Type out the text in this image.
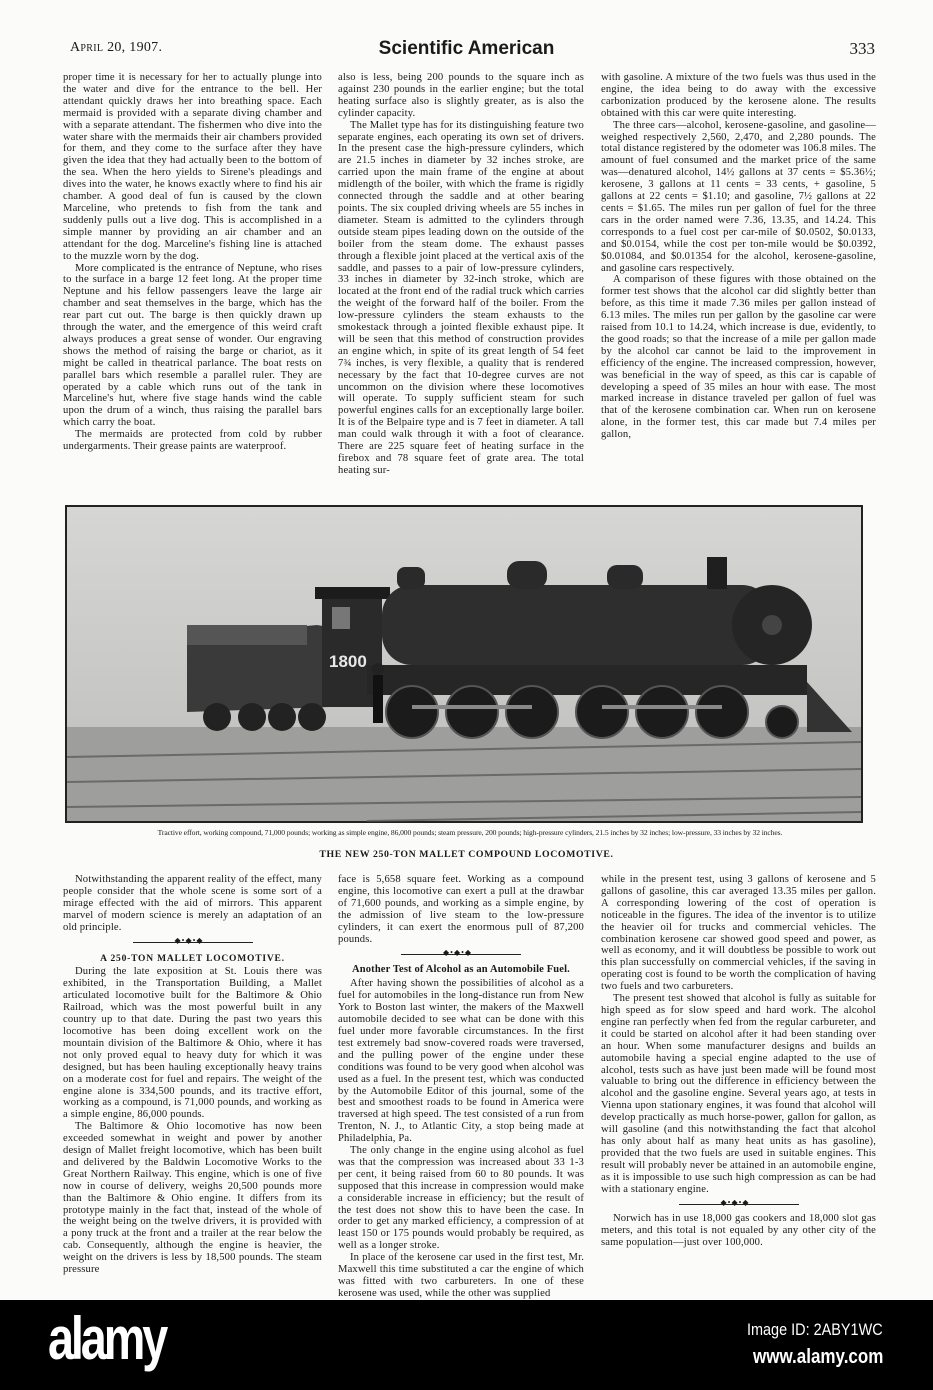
April 20, 1907.	Scientific American	333

proper time it is necessary for her to actually plunge into the water and dive for the entrance to the bell. Her attendant quickly draws her into breathing space. Each mermaid is provided with a separate diving chamber and with a separate attendant. The fishermen who dive into the water share with the mermaids their air chambers provided for them, and they come to the surface after they have given the idea that they had actually been to the bottom of the sea. When the hero yields to Sirene's pleadings and dives into the water, he knows exactly where to find his air chamber. A good deal of fun is caused by the clown Marceline, who pretends to fish from the tank and suddenly pulls out a live dog. This is accomplished in a simple manner by providing an air chamber and an attendant for the dog. Marceline's fishing line is attached to the muzzle worn by the dog.

More complicated is the entrance of Neptune, who rises to the surface in a barge 12 feet long. At the proper time Neptune and his fellow passengers leave the large air chamber and seat themselves in the barge, which has the rear part cut out. The barge is then quickly drawn up through the water, and the emergence of this weird craft always produces a great sense of wonder. Our engraving shows the method of raising the barge or chariot, as it might be called in theatrical parlance. The boat rests on parallel bars which resemble a parallel ruler. They are operated by a cable which runs out of the tank in Marceline's hut, where five stage hands wind the cable upon the drum of a winch, thus raising the parallel bars which carry the boat.

The mermaids are protected from cold by rubber undergarments. Their grease paints are waterproof.

also is less, being 200 pounds to the square inch as against 230 pounds in the earlier engine; but the total heating surface also is slightly greater, as is also the cylinder capacity.

The Mallet type has for its distinguishing feature two separate engines, each operating its own set of drivers. In the present case the high-pressure cylinders, which are 21.5 inches in diameter by 32 inches stroke, are carried upon the main frame of the engine at about midlength of the boiler, with which the frame is rigidly connected through the saddle and at other bearing points. The six coupled driving wheels are 55 inches in diameter. Steam is admitted to the cylinders through outside steam pipes leading down on the outside of the boiler from the steam dome. The exhaust passes through a flexible joint placed at the vertical axis of the saddle, and passes to a pair of low-pressure cylinders, 33 inches in diameter by 32-inch stroke, which are located at the front end of the radial truck which carries the weight of the forward half of the boiler. From the low-pressure cylinders the steam exhausts to the smokestack through a jointed flexible exhaust pipe. It will be seen that this method of construction provides an engine which, in spite of its great length of 54 feet 7¾ inches, is very flexible, a quality that is rendered necessary by the fact that 10-degree curves are not uncommon on the division where these locomotives will operate. To supply sufficient steam for such powerful engines calls for an exceptionally large boiler. It is of the Belpaire type and is 7 feet in diameter. A tall man could walk through it with a foot of clearance. There are 225 square feet of heating surface in the firebox and 78 square feet of grate area. The total heating sur-

with gasoline. A mixture of the two fuels was thus used in the engine, the idea being to do away with the excessive carbonization produced by the kerosene alone. The results obtained with this car were quite interesting.

The three cars—alcohol, kerosene-gasoline, and gasoline—weighed respectively 2,560, 2,470, and 2,280 pounds. The total distance registered by the odometer was 106.8 miles. The amount of fuel consumed and the market price of the same was—denatured alcohol, 14½ gallons at 37 cents = $5.36½; kerosene, 3 gallons at 11 cents = 33 cents, + gasoline, 5 gallons at 22 cents = $1.10; and gasoline, 7½ gallons at 22 cents = $1.65. The miles run per gallon of fuel for the three cars in the order named were 7.36, 13.35, and 14.24. This corresponds to a fuel cost per car-mile of $0.0502, $0.0133, and $0.0154, while the cost per ton-mile would be $0.0392, $0.01084, and $0.01354 for the alcohol, kerosene-gasoline, and gasoline cars respectively.

A comparison of these figures with those obtained on the former test shows that the alcohol car did slightly better than before, as this time it made 7.36 miles per gallon instead of 6.13 miles. The miles run per gallon by the gasoline car were raised from 10.1 to 14.24, which increase is due, evidently, to the good roads; so that the increase of a mile per gallon made by the alcohol car cannot be laid to the improvement in efficiency of the engine. The increased compression, however, was beneficial in the way of speed, as this car is capable of developing a speed of 35 miles an hour with ease. The most marked increase in distance traveled per gallon of fuel was that of the kerosene combination car. When run on kerosene alone, in the former test, this car made but 7.4 miles per gallon,

1800
Tractive effort, working compound, 71,000 pounds; working as simple engine, 86,000 pounds; steam pressure, 200 pounds; high-pressure cylinders, 21.5 inches by 32 inches; low-pressure, 33 inches by 32 inches.
THE NEW 250-TON MALLET COMPOUND LOCOMOTIVE.

Notwithstanding the apparent reality of the effect, many people consider that the whole scene is some sort of a mirage effected with the aid of mirrors. This apparent marvel of modern science is merely an adaptation of an old principle.

◆•◆•◆
A 250-TON MALLET LOCOMOTIVE.

During the late exposition at St. Louis there was exhibited, in the Transportation Building, a Mallet articulated locomotive built for the Baltimore & Ohio Railroad, which was the most powerful built in any country up to that date. During the past two years this locomotive has been doing excellent work on the mountain division of the Baltimore & Ohio, where it has not only proved equal to heavy duty for which it was designed, but has been hauling exceptionally heavy trains on a moderate cost for fuel and repairs. The weight of the engine alone is 334,500 pounds, and its tractive effort, working as a compound, is 71,000 pounds, and working as a simple engine, 86,000 pounds.

The Baltimore & Ohio locomotive has now been exceeded somewhat in weight and power by another design of Mallet freight locomotive, which has been built and delivered by the Baldwin Locomotive Works to the Great Northern Railway. This engine, which is one of five now in course of delivery, weighs 20,500 pounds more than the Baltimore & Ohio engine. It differs from its prototype mainly in the fact that, instead of the whole of the weight being on the twelve drivers, it is provided with a pony truck at the front and a trailer at the rear below the cab. Consequently, although the engine is heavier, the weight on the drivers is less by 18,500 pounds. The steam pressure

face is 5,658 square feet. Working as a compound engine, this locomotive can exert a pull at the drawbar of 71,600 pounds, and working as a simple engine, by the admission of live steam to the low-pressure cylinders, it can exert the enormous pull of 87,200 pounds.

◆•◆•◆
Another Test of Alcohol as an Automobile Fuel.

After having shown the possibilities of alcohol as a fuel for automobiles in the long-distance run from New York to Boston last winter, the makers of the Maxwell automobile decided to see what can be done with this fuel under more favorable circumstances. In the first test extremely bad snow-covered roads were traversed, and the pulling power of the engine under these conditions was found to be very good when alcohol was used as a fuel. In the present test, which was conducted by the Automobile Editor of this journal, some of the best and smoothest roads to be found in America were traversed at high speed. The test consisted of a run from Trenton, N. J., to Atlantic City, a stop being made at Philadelphia, Pa.

The only change in the engine using alcohol as fuel was that the compression was increased about 33 1-3 per cent, it being raised from 60 to 80 pounds. It was supposed that this increase in compression would make a considerable increase in efficiency; but the result of the test does not show this to have been the case. In order to get any marked efficiency, a compression of at least 150 or 175 pounds would probably be required, as well as a longer stroke.

In place of the kerosene car used in the first test, Mr. Maxwell this time substituted a car the engine of which was fitted with two carbureters. In one of these kerosene was used, while the other was supplied

while in the present test, using 3 gallons of kerosene and 5 gallons of gasoline, this car averaged 13.35 miles per gallon. A corresponding lowering of the cost of operation is noticeable in the figures. The idea of the inventor is to utilize the heavier oil for trucks and commercial vehicles. The combination kerosene car showed good speed and power, as well as economy, and it will doubtless be possible to work out this plan successfully on commercial vehicles, if the saving in operating cost is found to be worth the complication of having two fuels and two carbureters.

The present test showed that alcohol is fully as suitable for high speed as for slow speed and hard work. The alcohol engine ran perfectly when fed from the regular carbureter, and it could be started on alcohol after it had been standing over an hour. When some manufacturer designs and builds an automobile having a special engine adapted to the use of alcohol, tests such as have just been made will be found most valuable to bring out the difference in efficiency between the alcohol and the gasoline engine. Several years ago, at tests in Vienna upon stationary engines, it was found that alcohol will develop practically as much horse-power, gallon for gallon, as will gasoline (and this notwithstanding the fact that alcohol has only about half as many heat units as has gasoline), provided that the two fuels are used in suitable engines. This result will probably never be attained in an automobile engine, as it is impossible to use such high compression as can be had with a stationary engine.

◆•◆•◆

Norwich has in use 18,000 gas cookers and 18,000 slot gas meters, and this total is not equaled by any other city of the same population—just over 100,000.

alamy	Image ID: 2ABY1WC
www.alamy.com
